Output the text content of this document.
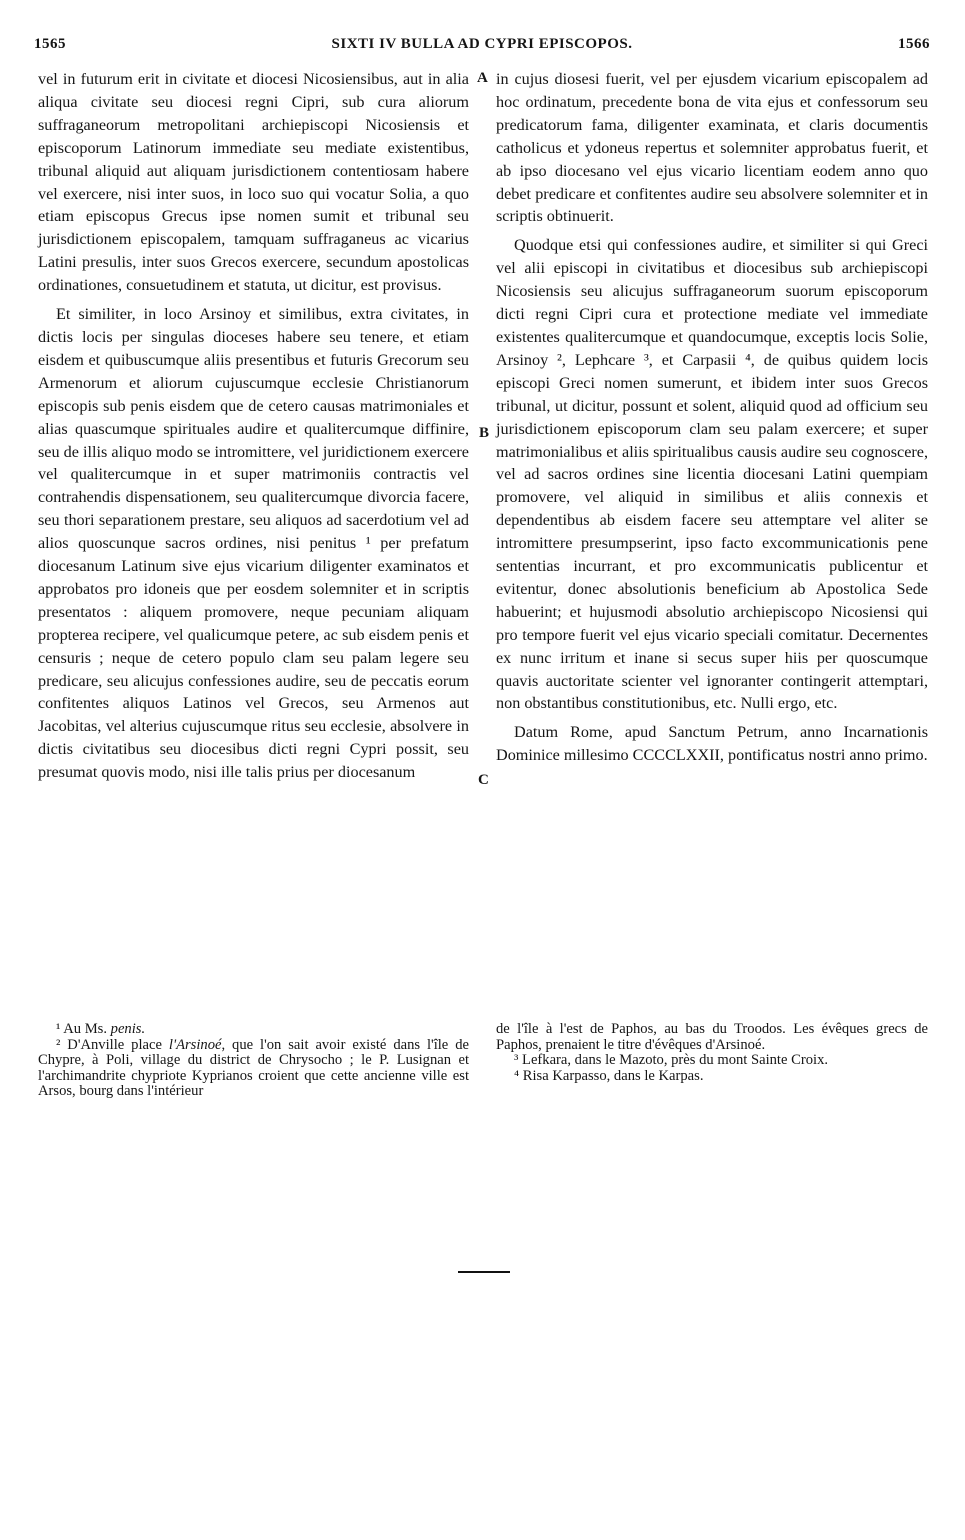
1565	SIXTI IV BULLA AD CYPRI EPISCOPOS.	1566

vel in futurum erit in civitate et diocesi Nicosiensibus, aut in alia aliqua civitate seu diocesi regni Cipri, sub cura aliorum suffraganeorum metropolitani archiepiscopi Nicosiensis et episcoporum Latinorum immediate seu mediate existentibus, tribunal aliquid aut aliquam jurisdictionem contentiosam habere vel exercere, nisi inter suos, in loco suo qui vocatur Solia, a quo etiam episcopus Grecus ipse nomen sumit et tribunal seu jurisdictionem episcopalem, tamquam suffraganeus ac vicarius Latini presulis, inter suos Grecos exercere, secundum apostolicas ordinationes, consuetudinem et statuta, ut dicitur, est provisus.

Et similiter, in loco Arsinoy et similibus, extra civitates, in dictis locis per singulas dioceses habere seu tenere, et etiam eisdem et quibuscumque aliis presentibus et futuris Grecorum seu Armenorum et aliorum cujuscumque ecclesie Christianorum episcopis sub penis eisdem que de cetero causas matrimoniales et alias quascumque spirituales audire et qualitercumque diffinire, seu de illis aliquo modo se intromittere, vel juridictionem exercere vel qualitercumque in et super matrimoniis contractis vel contrahendis dispensationem, seu qualitercumque divorcia facere, seu thori separationem prestare, seu aliquos ad sacerdotium vel ad alios quoscunque sacros ordines, nisi penitus ¹ per prefatum diocesanum Latinum sive ejus vicarium diligenter examinatos et approbatos pro idoneis que per eosdem solemniter et in scriptis presentatos : aliquem promovere, neque pecuniam aliquam propterea recipere, vel qualicumque petere, ac sub eisdem penis et censuris ; neque de cetero populo clam seu palam legere seu predicare, seu alicujus confessiones audire, seu de peccatis eorum confitentes aliquos Latinos vel Grecos, seu Armenos aut Jacobitas, vel alterius cujuscumque ritus seu ecclesie, absolvere in dictis civitatibus seu diocesibus dicti regni Cypri possit, seu presumat quovis modo, nisi ille talis prius per diocesanum

A
B
C

in cujus diosesi fuerit, vel per ejusdem vicarium episcopalem ad hoc ordinatum, precedente bona de vita ejus et confessorum seu predicatorum fama, diligenter examinata, et claris documentis catholicus et ydoneus repertus et solemniter approbatus fuerit, et ab ipso diocesano vel ejus vicario licentiam eodem anno quo debet predicare et confitentes audire seu absolvere solemniter et in scriptis obtinuerit.

Quodque etsi qui confessiones audire, et similiter si qui Greci vel alii episcopi in civitatibus et diocesibus sub archiepiscopi Nicosiensis seu alicujus suffraganeorum suorum episcoporum dicti regni Cipri cura et protectione mediate vel immediate existentes qualitercumque et quandocumque, exceptis locis Solie, Arsinoy ², Lephcare ³, et Carpasii ⁴, de quibus quidem locis episcopi Greci nomen sumerunt, et ibidem inter suos Grecos tribunal, ut dicitur, possunt et solent, aliquid quod ad officium seu jurisdictionem episcoporum clam seu palam exercere; et super matrimonialibus et aliis spiritualibus causis audire seu cognoscere, vel ad sacros ordines sine licentia diocesani Latini quempiam promovere, vel aliquid in similibus et aliis connexis et dependentibus ab eisdem facere seu attemptare vel aliter se intromittere presumpserint, ipso facto excommunicationis pene sententias incurrant, et pro excommunicatis publicentur et evitentur, donec absolutionis beneficium ab Apostolica Sede habuerint; et hujusmodi absolutio archiepiscopo Nicosiensi qui pro tempore fuerit vel ejus vicario speciali comitatur. Decernentes ex nunc irritum et inane si secus super hiis per quoscumque quavis auctoritate scienter vel ignoranter contingerit attemptari, non obstantibus constitutionibus, etc. Nulli ergo, etc.

Datum Rome, apud Sanctum Petrum, anno Incarnationis Dominice millesimo CCCCLXXII, pontificatus nostri anno primo.

¹ Au Ms. penis.

² D'Anville place l'Arsinoé, que l'on sait avoir existé dans l'île de Chypre, à Poli, village du district de Chrysocho ; le P. Lusignan et l'archimandrite chypriote Kyprianos croient que cette ancienne ville est Arsos, bourg dans l'intérieur

de l'île à l'est de Paphos, au bas du Troodos. Les évêques grecs de Paphos, prenaient le titre d'évêques d'Arsinoé.

³ Lefkara, dans le Mazoto, près du mont Sainte Croix.

⁴ Risa Karpasso, dans le Karpas.
